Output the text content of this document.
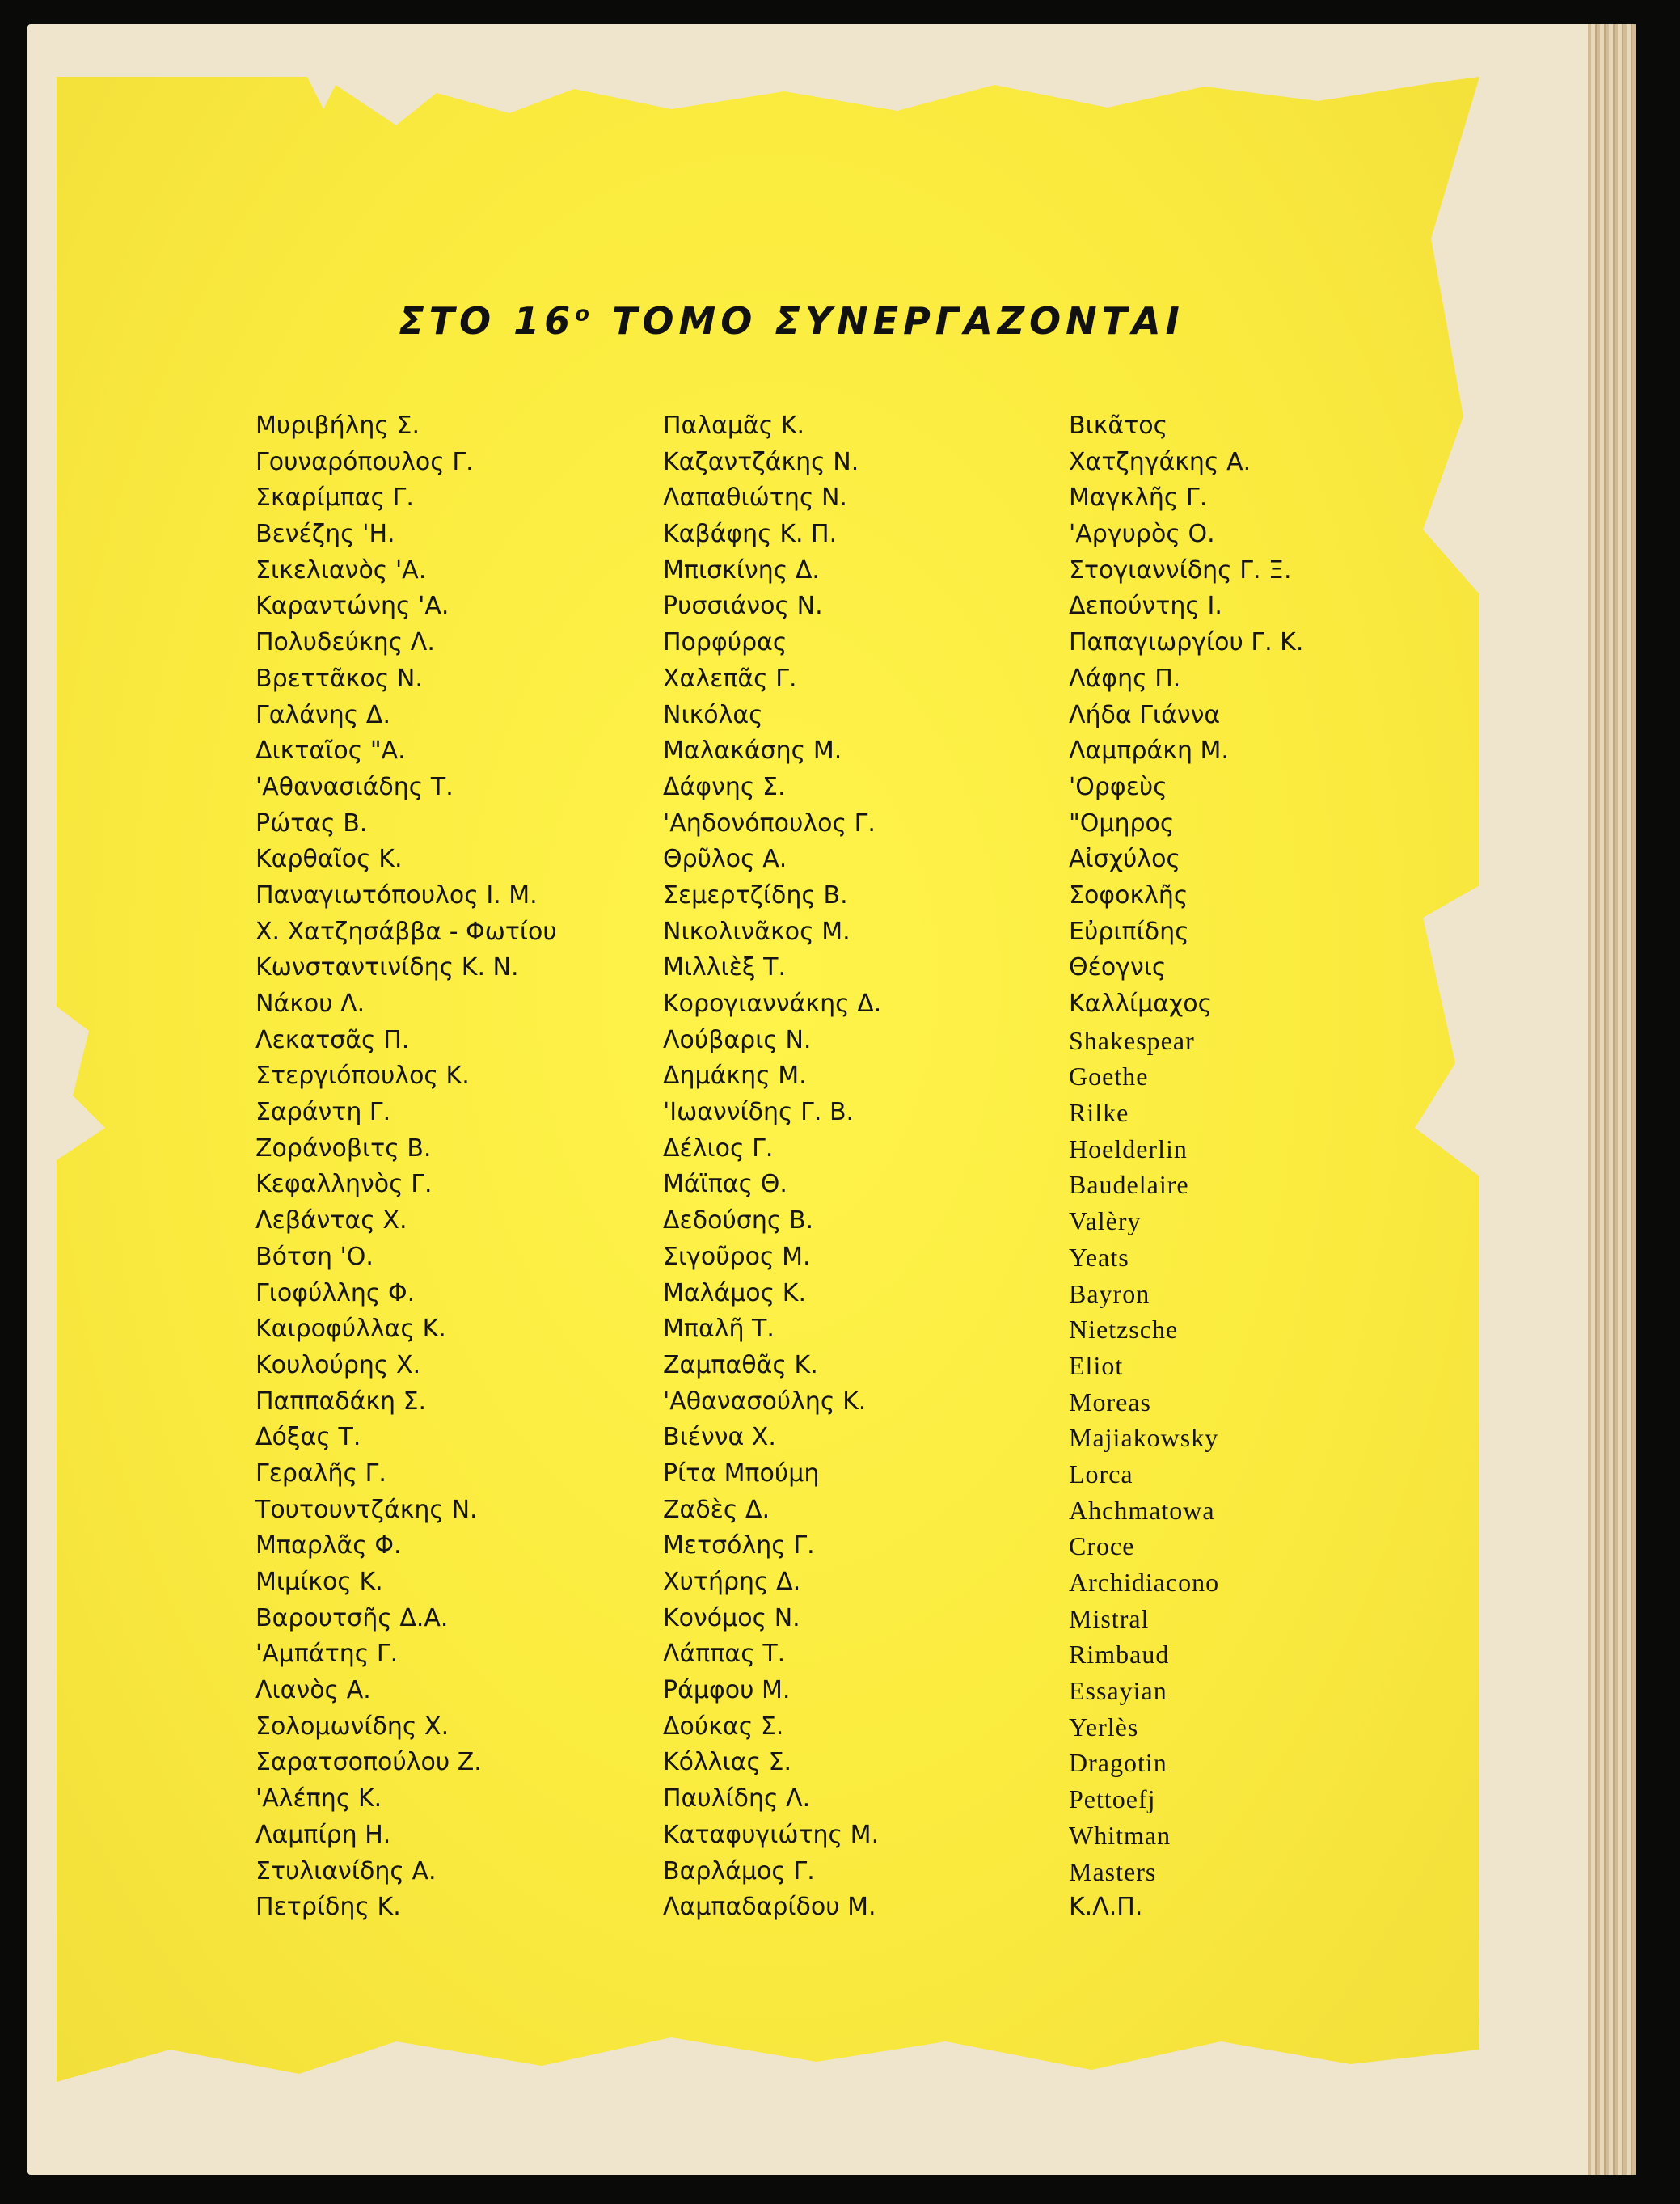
ΣΤΟ $16^o$ ΤΟΜΟ ΣΥΝΕΡΓΑΖΟΝΤΑΙ
Μυριβήλης Σ.
Γουναρόπουλος Γ.
Σκαρίμπας Γ.
Βενέζης 'Η.
Σικελιανὸς 'Α.
Καραντώνης 'Α.
Πολυδεύκης Λ.
Βρεττᾶκος Ν.
Γαλάνης Δ.
Δικταῖος "Α.
'Αθανασιάδης Τ.
Ρώτας Β.
Καρθαῖος Κ.
Παναγιωτόπουλος Ι. Μ.
Χ. Χατζησάββα - Φωτίου
Κωνσταντινίδης Κ. Ν.
Νάκου Λ.
Λεκατσᾶς Π.
Στεργιόπουλος Κ.
Σαράντη Γ.
Ζοράνοβιτς Β.
Κεφαλληνὸς Γ.
Λεβάντας Χ.
Βότση 'Ο.
Γιοφύλλης Φ.
Καιροφύλλας Κ.
Κουλούρης Χ.
Παππαδάκη Σ.
Δόξας Τ.
Γεραλῆς Γ.
Τουτουντζάκης Ν.
Μπαρλᾶς Φ.
Μιμίκος Κ.
Βαρουτσῆς Δ.Α.
'Αμπάτης Γ.
Λιανὸς Α.
Σολομωνίδης Χ.
Σαρατσοπούλου Ζ.
'Αλέπης Κ.
Λαμπίρη Η.
Στυλιανίδης Α.
Πετρίδης Κ.
Παλαμᾶς Κ.
Καζαντζάκης Ν.
Λαπαθιώτης Ν.
Καβάφης Κ. Π.
Μπισκίνης Δ.
Ρυσσιάνος Ν.
Πορφύρας
Χαλεπᾶς Γ.
Νικόλας
Μαλακάσης Μ.
Δάφνης Σ.
'Αηδονόπουλος Γ.
Θρῦλος Α.
Σεμερτζίδης Β.
Νικολινᾶκος Μ.
Μιλλιὲξ Τ.
Κορογιαννάκης Δ.
Λούβαρις Ν.
Δημάκης Μ.
'Ιωαννίδης Γ. Β.
Δέλιος Γ.
Μάϊπας Θ.
Δεδούσης Β.
Σιγοῦρος Μ.
Μαλάμος Κ.
Μπαλῆ Τ.
Ζαμπαθᾶς Κ.
'Αθανασούλης Κ.
Βιέννα Χ.
Ρίτα Μπούμη
Ζαδὲς Δ.
Μετσόλης Γ.
Χυτήρης Δ.
Κονόμος Ν.
Λάππας Τ.
Ράμφου Μ.
Δούκας Σ.
Κόλλιας Σ.
Παυλίδης Λ.
Καταφυγιώτης Μ.
Βαρλάμος Γ.
Λαμπαδαρίδου Μ.
Βικᾶτος
Χατζηγάκης Α.
Μαγκλῆς Γ.
'Αργυρὸς Ο.
Στογιαννίδης Γ. Ξ.
Δεπούντης Ι.
Παπαγιωργίου Γ. Κ.
Λάφης Π.
Λήδα Γιάννα
Λαμπράκη Μ.
'Ορφεὺς
"Ομηρος
Αἰσχύλος
Σοφοκλῆς
Εὐριπίδης
Θέογνις
Καλλίμαχος
Shakespear
Goethe
Rilke
Hoelderlin
Baudelaire
Valèry
Yeats
Bayron
Nietzsche
Eliot
Moreas
Majiakowsky
Lorca
Ahchmatowa
Croce
Archidiacono
Mistral
Rimbaud
Essayian
Yerlès
Dragotin
Pettoefj
Whitman
Masters
Κ.Λ.Π.
